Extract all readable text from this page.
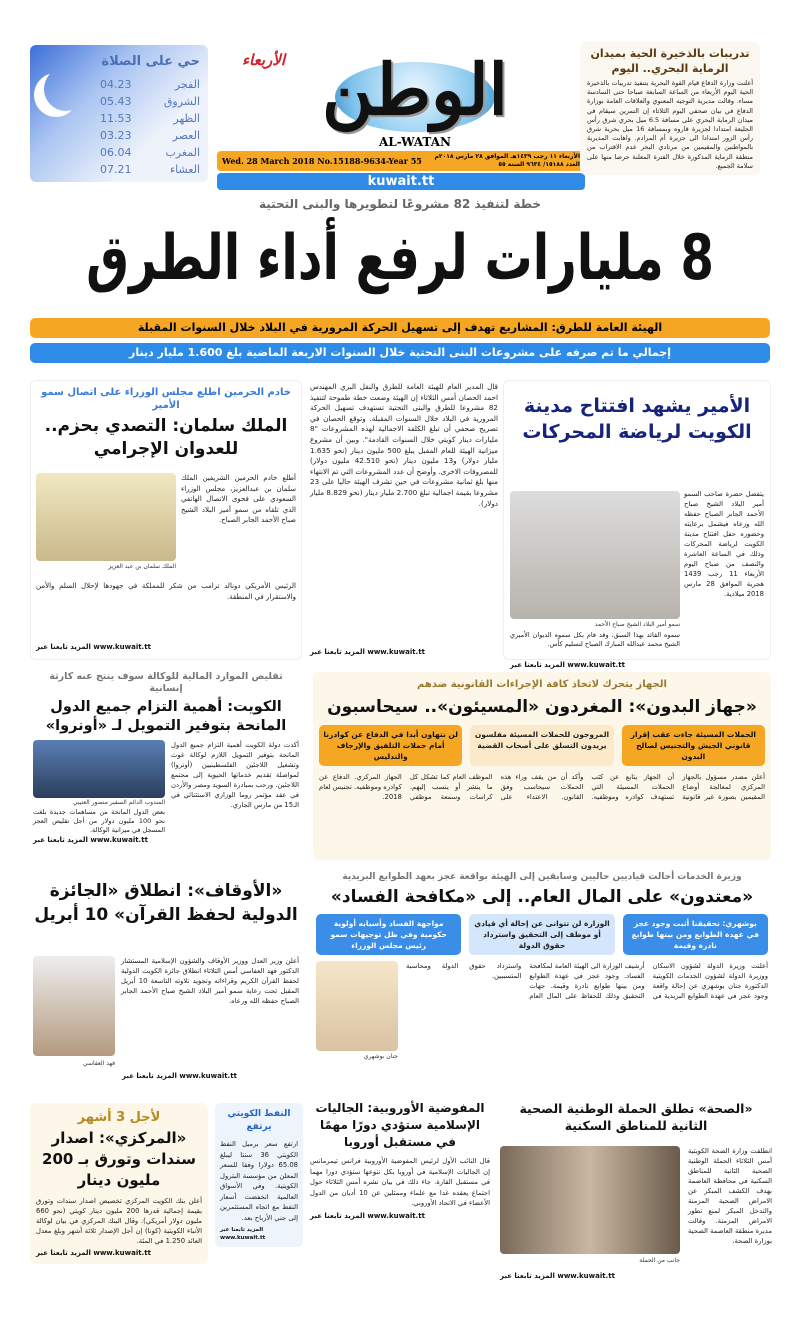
حي على الصلاة
الفجر
04.23
الشروق
05.43
الظهر
11.53
العصر
03.23
المغرب
06.04
العشاء
07.21
الأربعاء الوطن
AL-WATAN
Wed. 28 March 2018 No.15188-9634-Year 55	الأربعاء ١١ رجب ١٤٣٩هـ الموافق ٢٨ مارس ٢٠١٨م العدد ١٥١٨٨/ ٩٦٣٤ السنة ٥٥
kuwait.tt
تدريبات بالذخيرة الحية بميدان الرماية البحري.. اليوم
أعلنت وزارة الدفاع قيام القوة البحرية بتنفيذ تدريبات بالذخيرة الحية اليوم الأربعاء من الساعة السابعة صباحا حتى السادسة مساء. وقالت مديرية التوجيه المعنوي والعلاقات العامة بوزارة الدفاع في بيان صحفي اليوم الثلاثاء إن التمرين سيقام في ميدان الرماية البحري على مسافة 6.5 ميل بحري شرق رأس الجليعة امتدادا لجزيرة قاروه وبمسافة 16 ميل بحرية شرق رأس الزور امتدادا الى جزيرة أم المرادم. واهابت المديرية بالمواطنين والمقيمين من مرتادي البحر عدم الاقتراب من منطقة الرماية المذكورة خلال الفترة المعلنة حرصا منها على سلامة الجميع.
خطة لتنفيذ 82 مشروعًا لتطويرها والبنى التحتية
8 مليارات لرفع أداء الطرق
الهيئة العامة للطرق: المشاريع تهدف إلى تسهيل الحركة المرورية في البلاد خلال السنوات المقبلة
إجمالي ما تم صرفه على مشروعات البنى التحتية خلال السنوات الاربعة الماضية بلغ 1.600 مليار دينار
الأمير يشهد افتتاح مدينة الكويت لرياضة المحركات
سمو أمير البلاد الشيخ صباح الأحمد
يتفضل حضرة صاحب السمو أمير البلاد الشيخ صباح الأحمد الجابر الصباح حفظه الله ورعاه فيشمل برعايته وحضوره حفل افتتاح مدينة الكويت لرياضة المحركات وذلك في الساعة العاشرة والنصف من صباح اليوم الأربعاء 11 رجب 1439 هجرية الموافق 28 مارس 2018 ميلادية.
سموه القائد بهذا السبق، وقد قام بكل سموه الديوان الأميري الشيخ محمد عبدالله المبارك الصباح لتسليم كأس.
المزيد تابعنا عبر www.kuwait.tt
قال المدير العام للهيئة العامة للطرق والنقل البري المهندس احمد الحصان أمس الثلاثاء إن الهيئة وضعت خطة طموحة لتنفيذ 82 مشروعا للطرق والبنى التحتية تستهدف تسهيل الحركة المرورية في البلاد خلال السنوات المقبلة. وتوقع الحصان في تصريح صحفي أن تبلغ الكلفة الاجمالية لهذه المشروعات "8 مليارات دينار كويتي خلال السنوات القادمة". وبين أن مشروع ميزانية الهيئة للعام المقبل يبلغ 500 مليون دينار (نحو 1.635 مليار دولار) و13 مليون دينار (نحو 42.510 مليون دولار) للمصروفات الاخرى. وأوضح أن عدد المشروعات التي تم الانتهاء منها بلغ ثمانية مشروعات في حين تشرف الهيئة حاليا على 23 مشروعا بقيمة اجمالية تبلغ 2.700 مليار دينار (نحو 8.829 مليار دولار).
المزيد تابعنا عبر www.kuwait.tt
خادم الحرمين اطلع مجلس الوزراء على اتصال سمو الأمير
الملك سلمان: التصدي بحزم.. للعدوان الإجرامي
الملك سلمان بن عبد العزيز
أطلع خادم الحرمين الشريفين الملك سلمان بن عبدالعزيز، مجلس الوزراء السعودي على فحوى الاتصال الهاتفي الذي تلقاه من سمو أمير البلاد الشيخ صباح الأحمد الجابر الصباح.
الرئيس الأمريكي دونالد ترامب من شكر للمملكة في جهودها لإحلال السلم والأمن والاستقرار في المنطقة.
المزيد تابعنا عبر www.kuwait.tt
الجهاز يتحرك لاتخاذ كافة الإجراءات القانونية ضدهم
«جهاز البدون»: المغردون «المسيئون».. سيحاسبون
الحملات المسيئة جاءت عقب إقرار قانوني الجيش والتجنيس لصالح البدون
المروجون للحملات المسيئة مفلسون يريدون التسلق على أصحاب القضية
لن نتهاون أبدا في الدفاع عن كوادرنا أمام حملات التلفيق والإرجاف والتدليس
أعلن مصدر مسؤول بالجهاز المركزي لمعالجة أوضاع المقيمين بصورة غير قانونية أن الجهاز يتابع عن كثب الحملات المسيئة التي تستهدف كوادره وموظفيه. وأكد أن من يقف وراء هذه الحملات سيحاسب وفق القانون. الاعتداء على الموظف العام كما تشكل كل ما ينشر أو ينسب إليهم. كراسات وسمعة موظفي الجهاز المركزي. الدفاع عن كوادره وموظفيه. تجنيس لعام 2018.
تقليص الموارد المالية للوكالة سوف ينتج عنه كارثة إنسانية
الكويت: أهمية التزام جميع الدول المانحة بتوفير التمويل لـ «أونروا»
أكدت دولة الكويت أهمية التزام جميع الدول المانحة بتوفير التمويل اللازم لوكالة غوث وتشغيل اللاجئين الفلسطينيين (أونروا) لمواصلة تقديم خدماتها الحيوية إلى مجتمع اللاجئين. ورحب بمبادرة السويد ومصر والأردن في عقد مؤتمر روما الوزاري الاستثنائي في الـ15 من مارس الجاري.
المندوب الدائم السفير منصور العتيبي
بعض الدول المانحة من مساهمات جديدة بلغت نحو 100 مليون دولار من أجل تقليص العجز المسجل في ميزانية الوكالة.
المزيد تابعنا عبر www.kuwait.tt
وزيرة الخدمات أحالت قياديين حاليين وسابقين إلى الهيئة بواقعة عجز بعهد الطوابع البريدية
«معتدون» على المال العام.. إلى «مكافحة الفساد»
بوشهري: تحقيقنا أثبت وجود عجز في عهدة الطوابع ومن بينها طوابع نادرة وقيمة
الوزارة لن تتوانى عن إحالة أي قيادي أو موظف إلى التحقيق واسترداد حقوق الدولة
مواجهة الفساد وأسبابه أولوية حكومية وفي ظل توجيهات سمو رئيس مجلس الوزراء
أعلنت وزيرة الدولة لشؤون الاسكان ووزيرة الدولة لشؤون الخدمات الكويتية الدكتورة جنان بوشهري عن إحالة واقعة وجود عجز في عهدة الطوابع البريدية في أرشيف الوزارة الى الهيئة العامة لمكافحة الفساد. وجود عجز في عهدة الطوابع ومن بينها طوابع نادرة وقيمة. جهات التحقيق وذلك للحفاظ على المال العام واسترداد حقوق الدولة ومحاسبة المتسببين.
جنان بوشهري
«الأوقاف»: انطلاق «الجائزة الدولية لحفظ القرآن» 10 أبريل
فهد العفاسي
أعلن وزير العدل ووزير الأوقاف والشؤون الإسلامية المستشار الدكتور فهد العفاسي أمس الثلاثاء انطلاق جائزة الكويت الدولية لحفظ القرآن الكريم وقراءاته وتجويد تلاوته التاسعة 10 أبريل المقبل تحت رعاية سمو أمير البلاد الشيخ صباح الأحمد الجابر الصباح حفظه الله ورعاه.
المزيد تابعنا عبر www.kuwait.tt
لأجل 3 أشهر
«المركزي»: اصدار سندات وتورق بـ 200 مليون دينار
أعلن بنك الكويت المركزي تخصيص اصدار سندات وتورق بقيمة إجمالية قدرها 200 مليون دينار كويتي (نحو 660 مليون دولار أمريكي). وقال البنك المركزي في بيان لوكالة الأنباء الكويتية (كونا) إن أجل الإصدار ثلاثة أشهر وبلغ معدل العائد 1.250 في المئة.
المزيد تابعنا عبر www.kuwait.tt
النفط الكويتي يرتفع
ارتفع سعر برميل النفط الكويتي 36 سنتا ليبلغ 65.08 دولارا وفقا للسعر المعلن من مؤسسة البترول الكويتية. وفي الأسواق العالمية انخفضت أسعار النفط مع اتجاه المستثمرين إلى جني الأرباح بعد.
المزيد تابعنا عبر www.kuwait.tt
المفوضية الأوروبية: الجاليات الإسلامية ستؤدي دورًا مهمًا في مستقبل أوروبا
قال النائب الأول لرئيس المفوضية الأوروبية فرانس تيمرمانس إن الجاليات الإسلامية في أوروبا بكل تنوعها ستؤدي دورا مهما في مستقبل القارة. جاء ذلك في بيان نشره أمس الثلاثاء حول اجتماع يعقده غدا مع علماء وممثلين عن 10 أديان من الدول الأعضاء في الاتحاد الأوروبي.
المزيد تابعنا عبر www.kuwait.tt
«الصحة» تطلق الحملة الوطنية الصحية الثانية للمناطق السكنية
جانب من الحملة
انطلقت وزارة الصحة الكويتية أمس الثلاثاء الحملة الوطنية الصحية الثانية للمناطق السكنية في محافظة العاصمة بهدف الكشف المبكر عن الامراض الصحية المزمنة والتدخل المبكر لمنع تطور الامراض المزمنة. وقالت مديرة منطقة العاصمة الصحية بوزارة الصحة.
المزيد تابعنا عبر www.kuwait.tt
